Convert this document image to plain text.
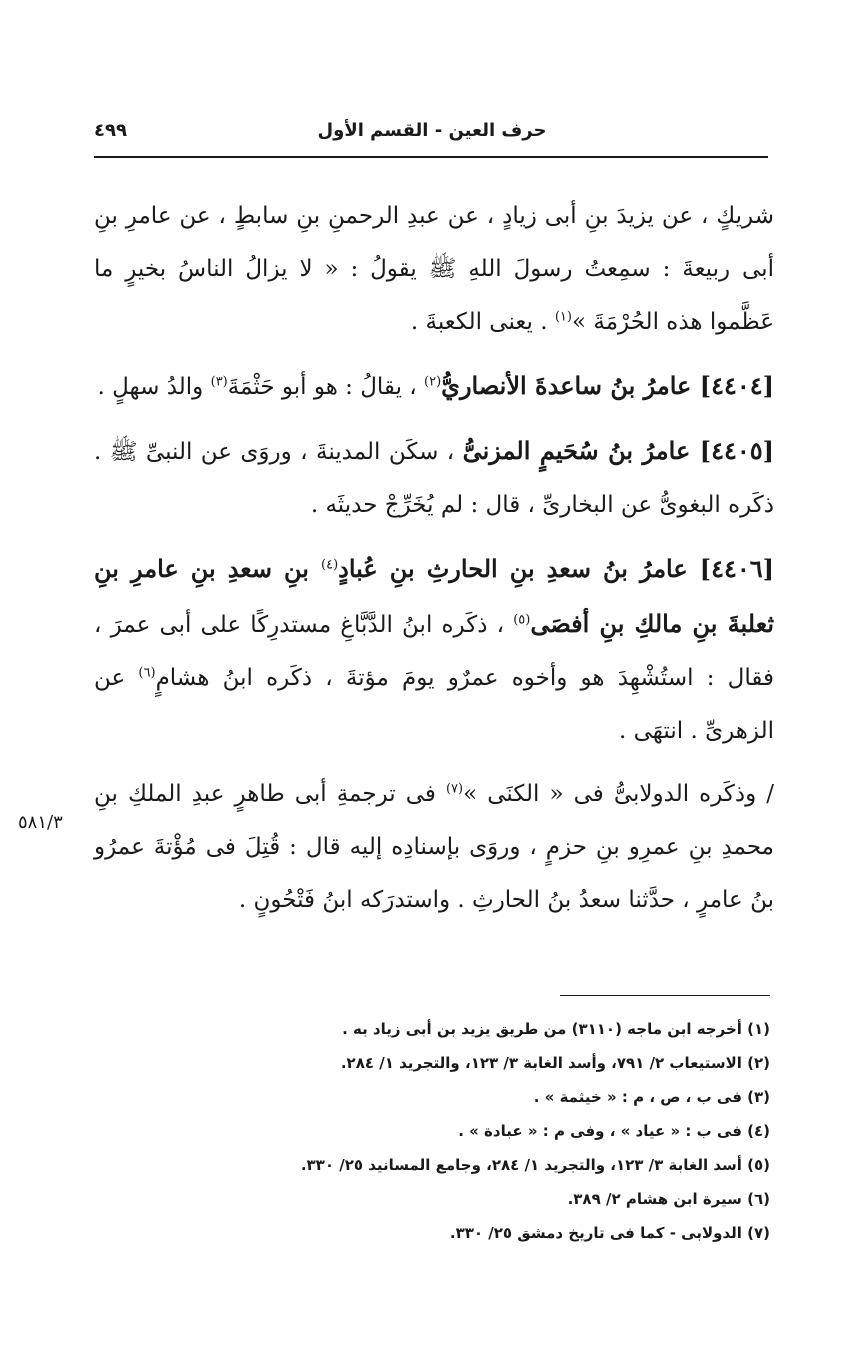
حرف العين - القسم الأول
٤٩٩

شريكٍ ، عن يزيدَ بنِ أبى زيادٍ ، عن عبدِ الرحمنِ بنِ سابطٍ ، عن عامرِ بنِ أبى ربيعةَ : سمِعتُ رسولَ اللهِ ﷺ يقولُ : « لا يزالُ الناسُ بخيرٍ ما عَظَّموا هذه الحُرْمَةَ »$^{(١)}$ . يعنى الكعبةَ .

[٤٤٠٤] عامرُ بنُ ساعدةَ الأنصاريُّ$^{(٢)}$ ، يقالُ : هو أبو حَثْمَةَ$^{(٣)}$ والدُ سهلٍ .

[٤٤٠٥] عامرُ بنُ سُحَيمٍ المزنىُّ ، سكَن المدينةَ ، وروَى عن النبىِّ ﷺ . ذكَره البغوىُّ عن البخارىِّ ، قال : لم يُخَرِّجْ حديثَه .

[٤٤٠٦] عامرُ بنُ سعدِ بنِ الحارثِ بنِ عُبادٍ$^{(٤)}$ بنِ سعدِ بنِ عامرِ بنِ ثعلبةَ بنِ مالكِ بنِ أفصَى$^{(٥)}$ ، ذكَره ابنُ الدَّبَّاغِ مستدرِكًا على أبى عمرَ ، فقال : استُشْهِدَ هو وأخوه عمرٌو يومَ مؤتةَ ، ذكَره ابنُ هشامٍ$^{(٦)}$ عن الزهرىِّ . انتهَى .

/ وذكَره الدولابىُّ فى « الكنَى »$^{(٧)}$ فى ترجمةِ أبى طاهرٍ عبدِ الملكِ بنِ محمدِ بنِ عمرِو بنِ حزمٍ ، وروَى بإسنادِه إليه قال : قُتِلَ فى مُؤْتةَ عمرُو بنُ عامرٍ ، حدَّثنا سعدُ بنُ الحارثِ . واستدرَكه ابنُ فَتْحُونٍ .

٥٨١/٣
(١) أخرجه ابن ماجه (٣١١٠) من طريق يزيد بن أبى زياد به .
(٢) الاستيعاب ٢/ ٧٩١، وأسد الغابة ٣/ ١٢٣، والتجريد ١/ ٢٨٤.
(٣) فى ب ، ص ، م : « خيثمة » .
(٤) فى ب : « عياد » ، وفى م : « عبادة » .
(٥) أسد الغابة ٣/ ١٢٣، والتجريد ١/ ٢٨٤، وجامع المسانيد ٢٥/ ٣٣٠.
(٦) سيرة ابن هشام ٢/ ٣٨٩.
(٧) الدولابى - كما فى تاريخ دمشق ٢٥/ ٣٣٠.
